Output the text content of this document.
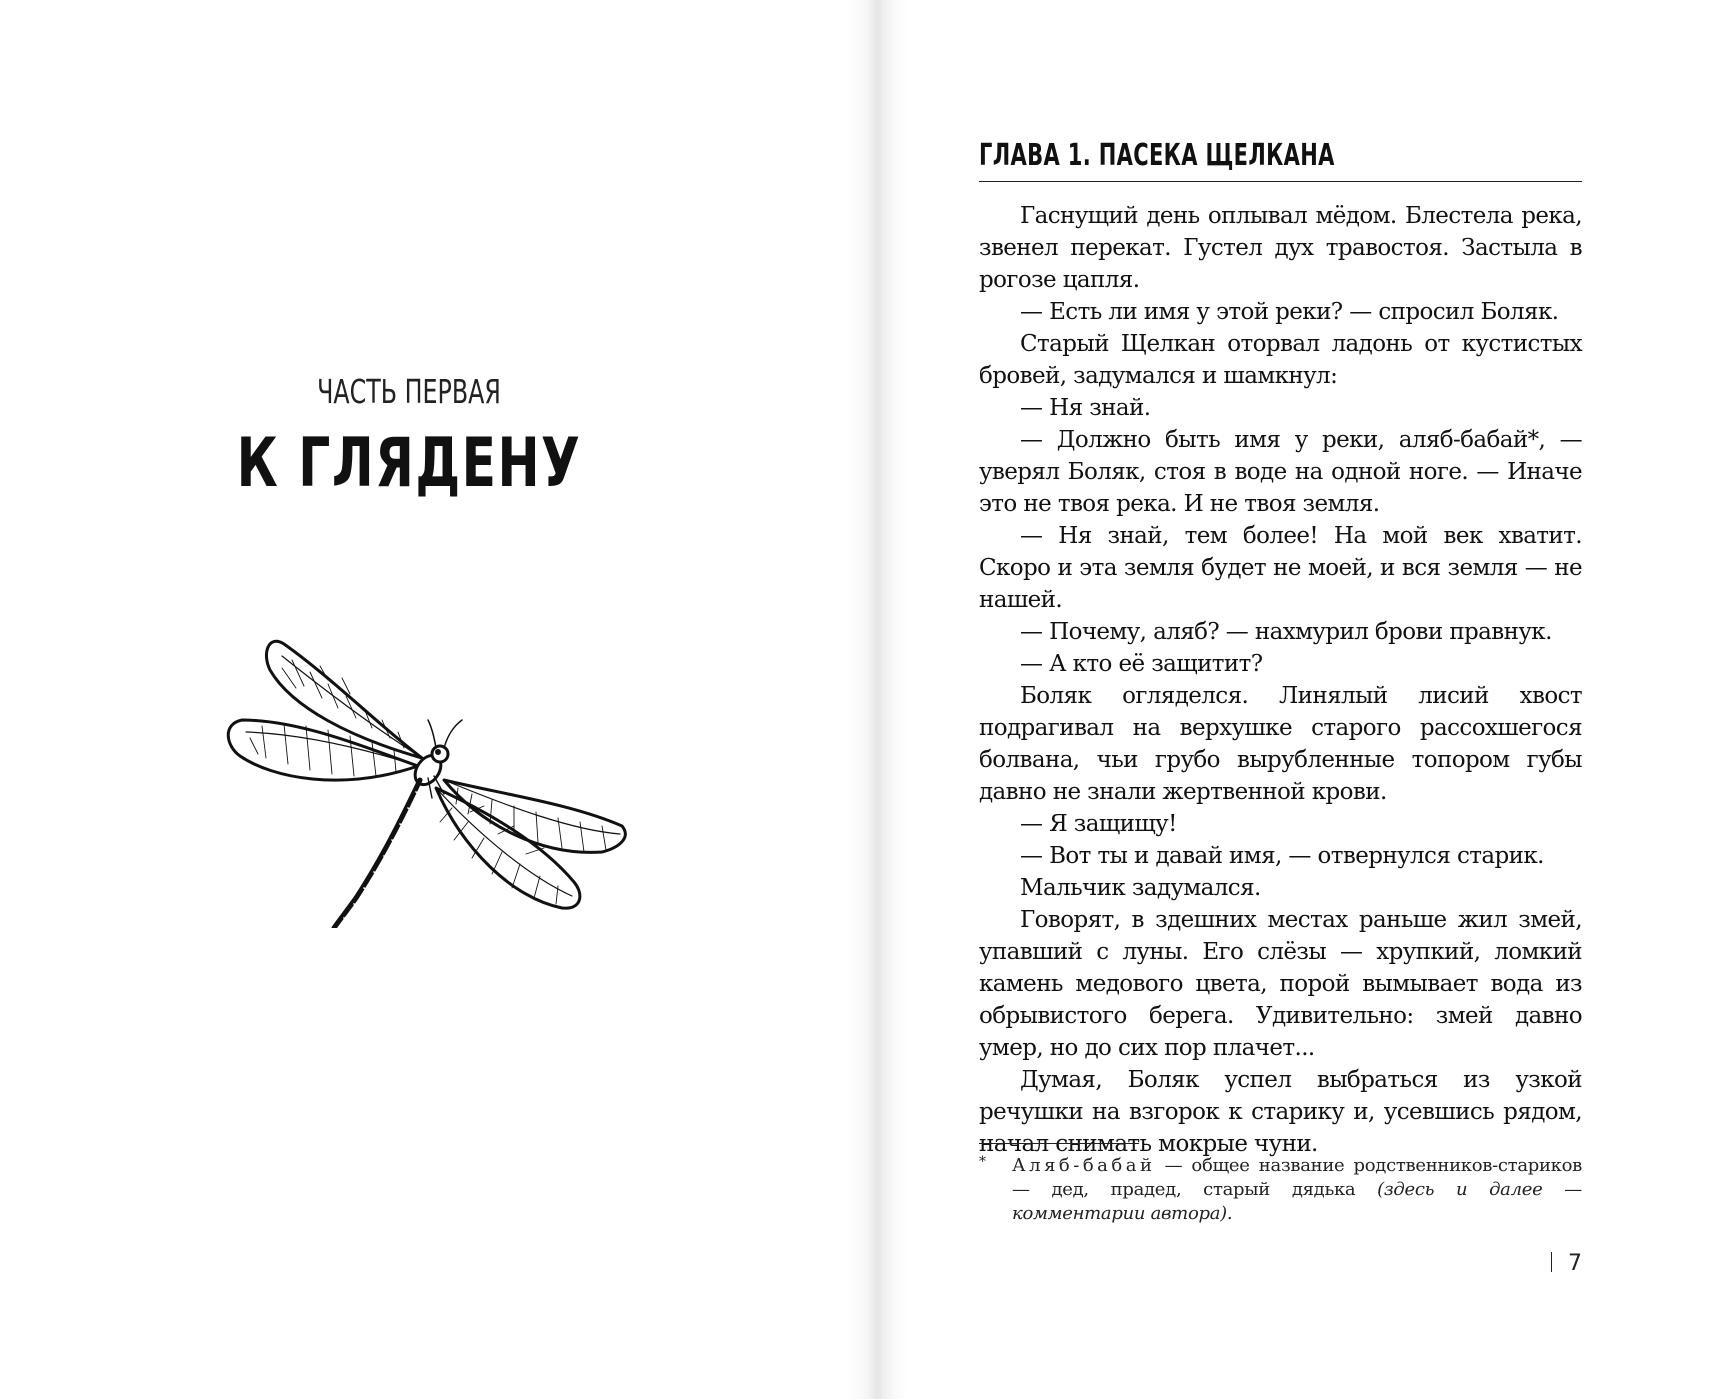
ЧАСТЬ ПЕРВАЯ
К ГЛЯДЕНУ
ГЛАВА 1. ПАСЕКА ЩЕЛКАНА

Гаснущий день оплывал мёдом. Блестела река, звенел перекат. Густел дух травостоя. Застыла в рогозе цапля.

— Есть ли имя у этой реки? — спросил Боляк.

Старый Щелкан оторвал ладонь от кустистых бровей, задумался и шамкнул:

— Ня знай.

— Должно быть имя у реки, аляб-бабай*, — уверял Боляк, стоя в воде на одной ноге. — Иначе это не твоя река. И не твоя земля.

— Ня знай, тем более! На мой век хватит. Скоро и эта земля будет не моей, и вся земля — не нашей.

— Почему, аляб? — нахмурил брови правнук.

— А кто её защитит?

Боляк огляделся. Линялый лисий хвост подрагивал на верхушке старого рассохшегося болвана, чьи грубо вырубленные топором губы давно не знали жертвенной крови.

— Я защищу!

— Вот ты и давай имя, — отвернулся старик.

Мальчик задумался.

Говорят, в здешних местах раньше жил змей, упавший с луны. Его слёзы — хрупкий, ломкий камень медового цвета, порой вымывает вода из обрывистого берега. Удивительно: змей давно умер, но до сих пор плачет...

Думая, Боляк успел выбраться из узкой речушки на взгорок к старику и, усевшись рядом, начал снимать мокрые чуни.

* Аляб-бабай — общее название родственников-стариков — дед, прадед, старый дядька (здесь и далее — комментарии автора).
7
